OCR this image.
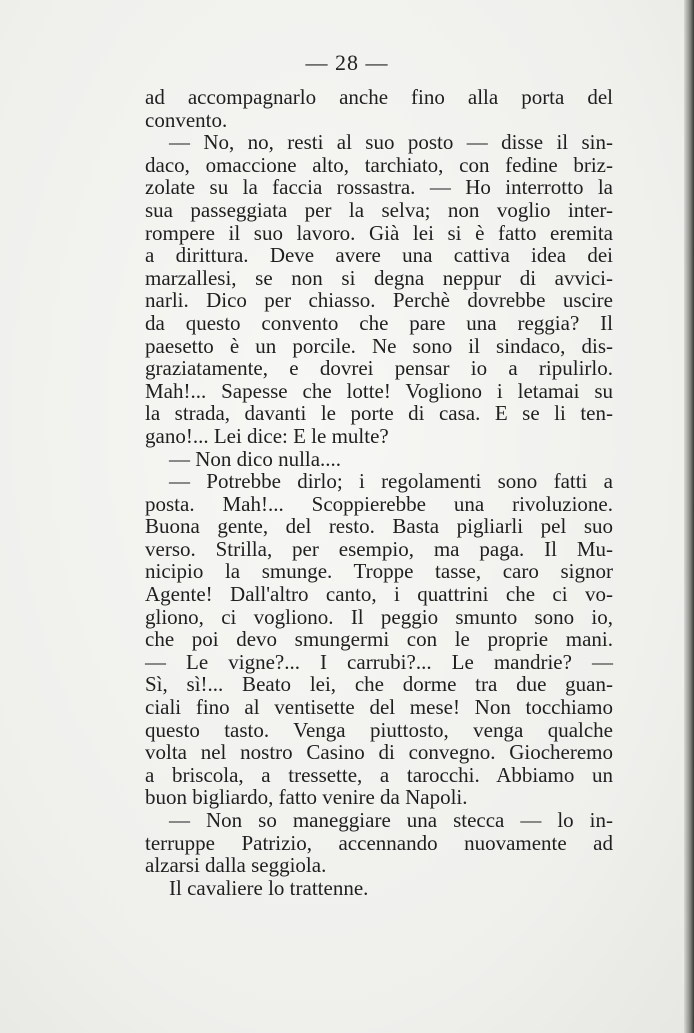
— 28 —
ad accompagnarlo anche fino alla porta del
convento.
— No, no, resti al suo posto — disse il sin-
daco, omaccione alto, tarchiato, con fedine briz-
zolate su la faccia rossastra. — Ho interrotto la
sua passeggiata per la selva; non voglio inter-
rompere il suo lavoro. Già lei si è fatto eremita
a dirittura. Deve avere una cattiva idea dei
marzallesi, se non si degna neppur di avvici-
narli. Dico per chiasso. Perchè dovrebbe uscire
da questo convento che pare una reggia? Il
paesetto è un porcile. Ne sono il sindaco, dis-
graziatamente, e dovrei pensar io a ripulirlo.
Mah!... Sapesse che lotte! Vogliono i letamai su
la strada, davanti le porte di casa. E se li ten-
gano!... Lei dice: E le multe?
— Non dico nulla....
— Potrebbe dirlo; i regolamenti sono fatti a
posta. Mah!... Scoppierebbe una rivoluzione.
Buona gente, del resto. Basta pigliarli pel suo
verso. Strilla, per esempio, ma paga. Il Mu-
nicipio la smunge. Troppe tasse, caro signor
Agente! Dall'altro canto, i quattrini che ci vo-
gliono, ci vogliono. Il peggio smunto sono io,
che poi devo smungermi con le proprie mani.
— Le vigne?... I carrubi?... Le mandrie? —
Sì, sì!... Beato lei, che dorme tra due guan-
ciali fino al ventisette del mese! Non tocchiamo
questo tasto. Venga piuttosto, venga qualche
volta nel nostro Casino di convegno. Giocheremo
a briscola, a tressette, a tarocchi. Abbiamo un
buon bigliardo, fatto venire da Napoli.
— Non so maneggiare una stecca — lo in-
terruppe Patrizio, accennando nuovamente ad
alzarsi dalla seggiola.
Il cavaliere lo trattenne.
